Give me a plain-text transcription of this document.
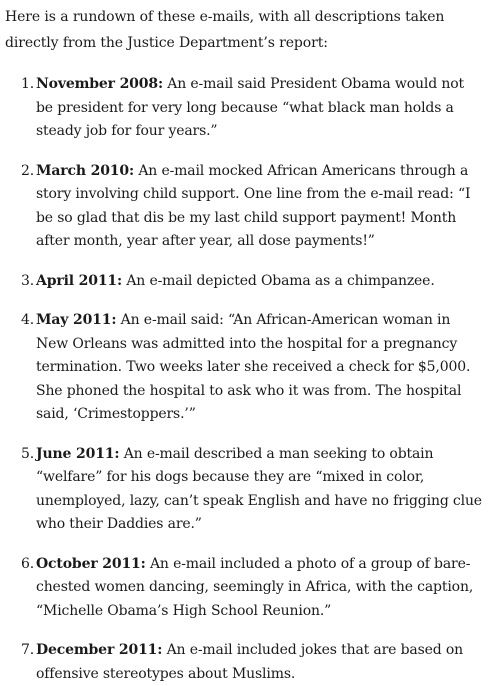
Here is a rundown of these e-mails, with all descriptions taken directly from the Justice Department’s report:

1. November 2008: An e-mail said President Obama would not be president for very long because “what black man holds a steady job for four years.”
2. March 2010: An e-mail mocked African Americans through a story involving child support. One line from the e-mail read: “I be so glad that dis be my last child support payment! Month after month, year after year, all dose payments!”
3. April 2011: An e-mail depicted Obama as a chimpanzee.
4. May 2011: An e-mail said: “An African-American woman in New Orleans was admitted into the hospital for a pregnancy termination. Two weeks later she received a check for $5,000. She phoned the hospital to ask who it was from. The hospital said, ‘Crimestoppers.’”
5. June 2011: An e-mail described a man seeking to obtain “welfare” for his dogs because they are “mixed in color, unemployed, lazy, can’t speak English and have no frigging clue who their Daddies are.”
6. October 2011: An e-mail included a photo of a group of bare-chested women dancing, seemingly in Africa, with the caption, “Michelle Obama’s High School Reunion.”
7. December 2011: An e-mail included jokes that are based on offensive stereotypes about Muslims.
